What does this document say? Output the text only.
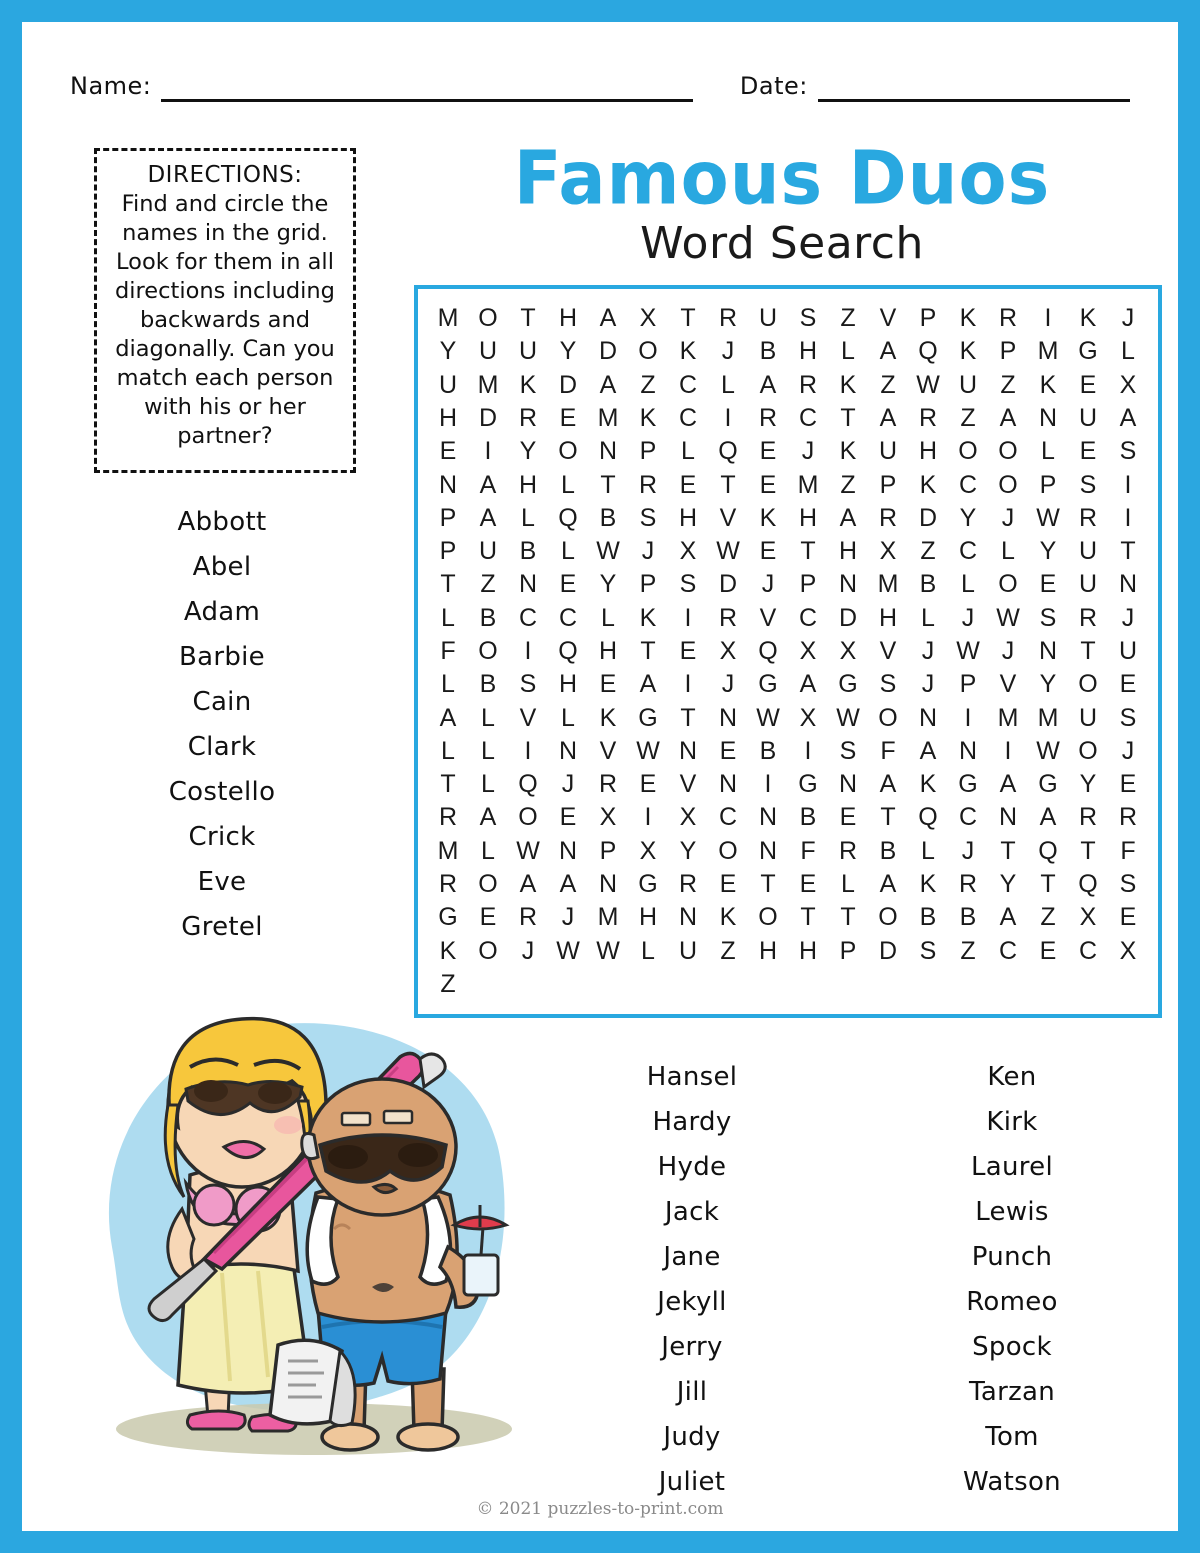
Name:	Date:
DIRECTIONS:
Find and circle the names in the grid. Look for them in all directions including backwards and diagonally. Can you match each person with his or her partner?
Famous Duos
Word Search
M O T H A X T R U S Z V P K R	I	K	J
Y U U Y D O K	J	B H L A Q K P M G L
U M K D A Z C L A R K Z W U Z K E X
H D R E M K C	I	R C T A R Z A N U A
E	I	Y O N P L Q E	J	K U H O O L E S
N A H L	T R E T E M Z P K C O P S	I
P A L Q B S H V K H A R D Y	J W R	I
P U B L W J	X W E T H X Z C L Y U T
T Z N E Y P S D J	P N M B L O E U N
L B C C L K	I	R V C D H L	J W S R J
F O	I	Q H T E X Q X X V	J W J N T U
L B S H E A	I	J G A G S	J	P V Y O E
A L V L K G T N W X W O N	I	M M U S
L	L	I	N V W N E B	I	S F A N	I W O J
T	L Q J R E V N	I	G N A K G A G Y E
R A O E X	I	X C N B E T Q C N A R R
M L W N P X Y O N F R B L	J	T Q T F
R O A A N G R E T E L A K R Y T Q S
G E R J M H N K O T T O B B A Z X E
K O J W W L U Z H H P D S Z C E C X
Z
Abbott
Abel
Adam
Barbie
Cain
Clark
Costello
Crick
Eve
Gretel
Hansel
Hardy
Hyde
Jack
Jane
Jekyll
Jerry
Jill
Judy
Juliet
Ken
Kirk
Laurel
Lewis
Punch
Romeo
Spock
Tarzan
Tom
Watson
© 2021 puzzles-to-print.com
